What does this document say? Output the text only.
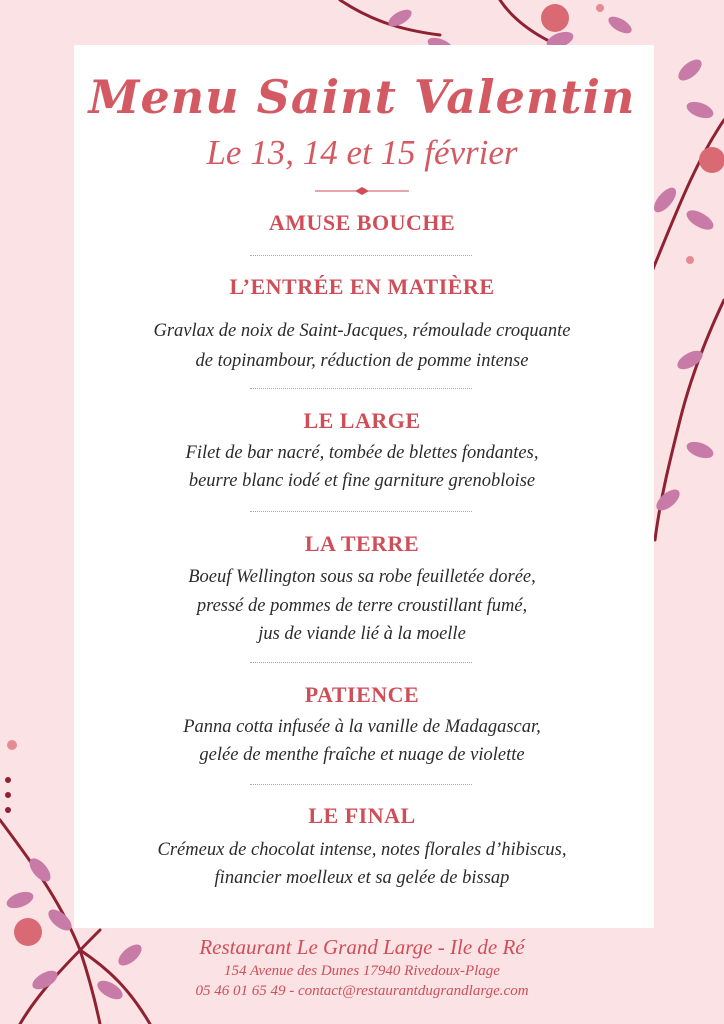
Menu Saint Valentin
Le 13, 14 et 15 février
AMUSE BOUCHE
L’ENTRÉE EN MATIÈRE
Gravlax de noix de Saint-Jacques, rémoulade croquante
de topinambour, réduction de pomme intense
LE LARGE
Filet de bar nacré, tombée de blettes fondantes,
beurre blanc iodé et fine garniture grenobloise
LA TERRE
Boeuf Wellington sous sa robe feuilletée dorée,
pressé de pommes de terre croustillant fumé,
jus de viande lié à la moelle
PATIENCE
Panna cotta infusée à la vanille de Madagascar,
gelée de menthe fraîche et nuage de violette
LE FINAL
Crémeux de chocolat intense, notes florales d’hibiscus,
financier moelleux et sa gelée de bissap
Restaurant Le Grand Large - Ile de Ré
154 Avenue des Dunes 17940 Rivedoux-Plage
05 46 01 65 49 - contact@restaurantdugrandlarge.com
